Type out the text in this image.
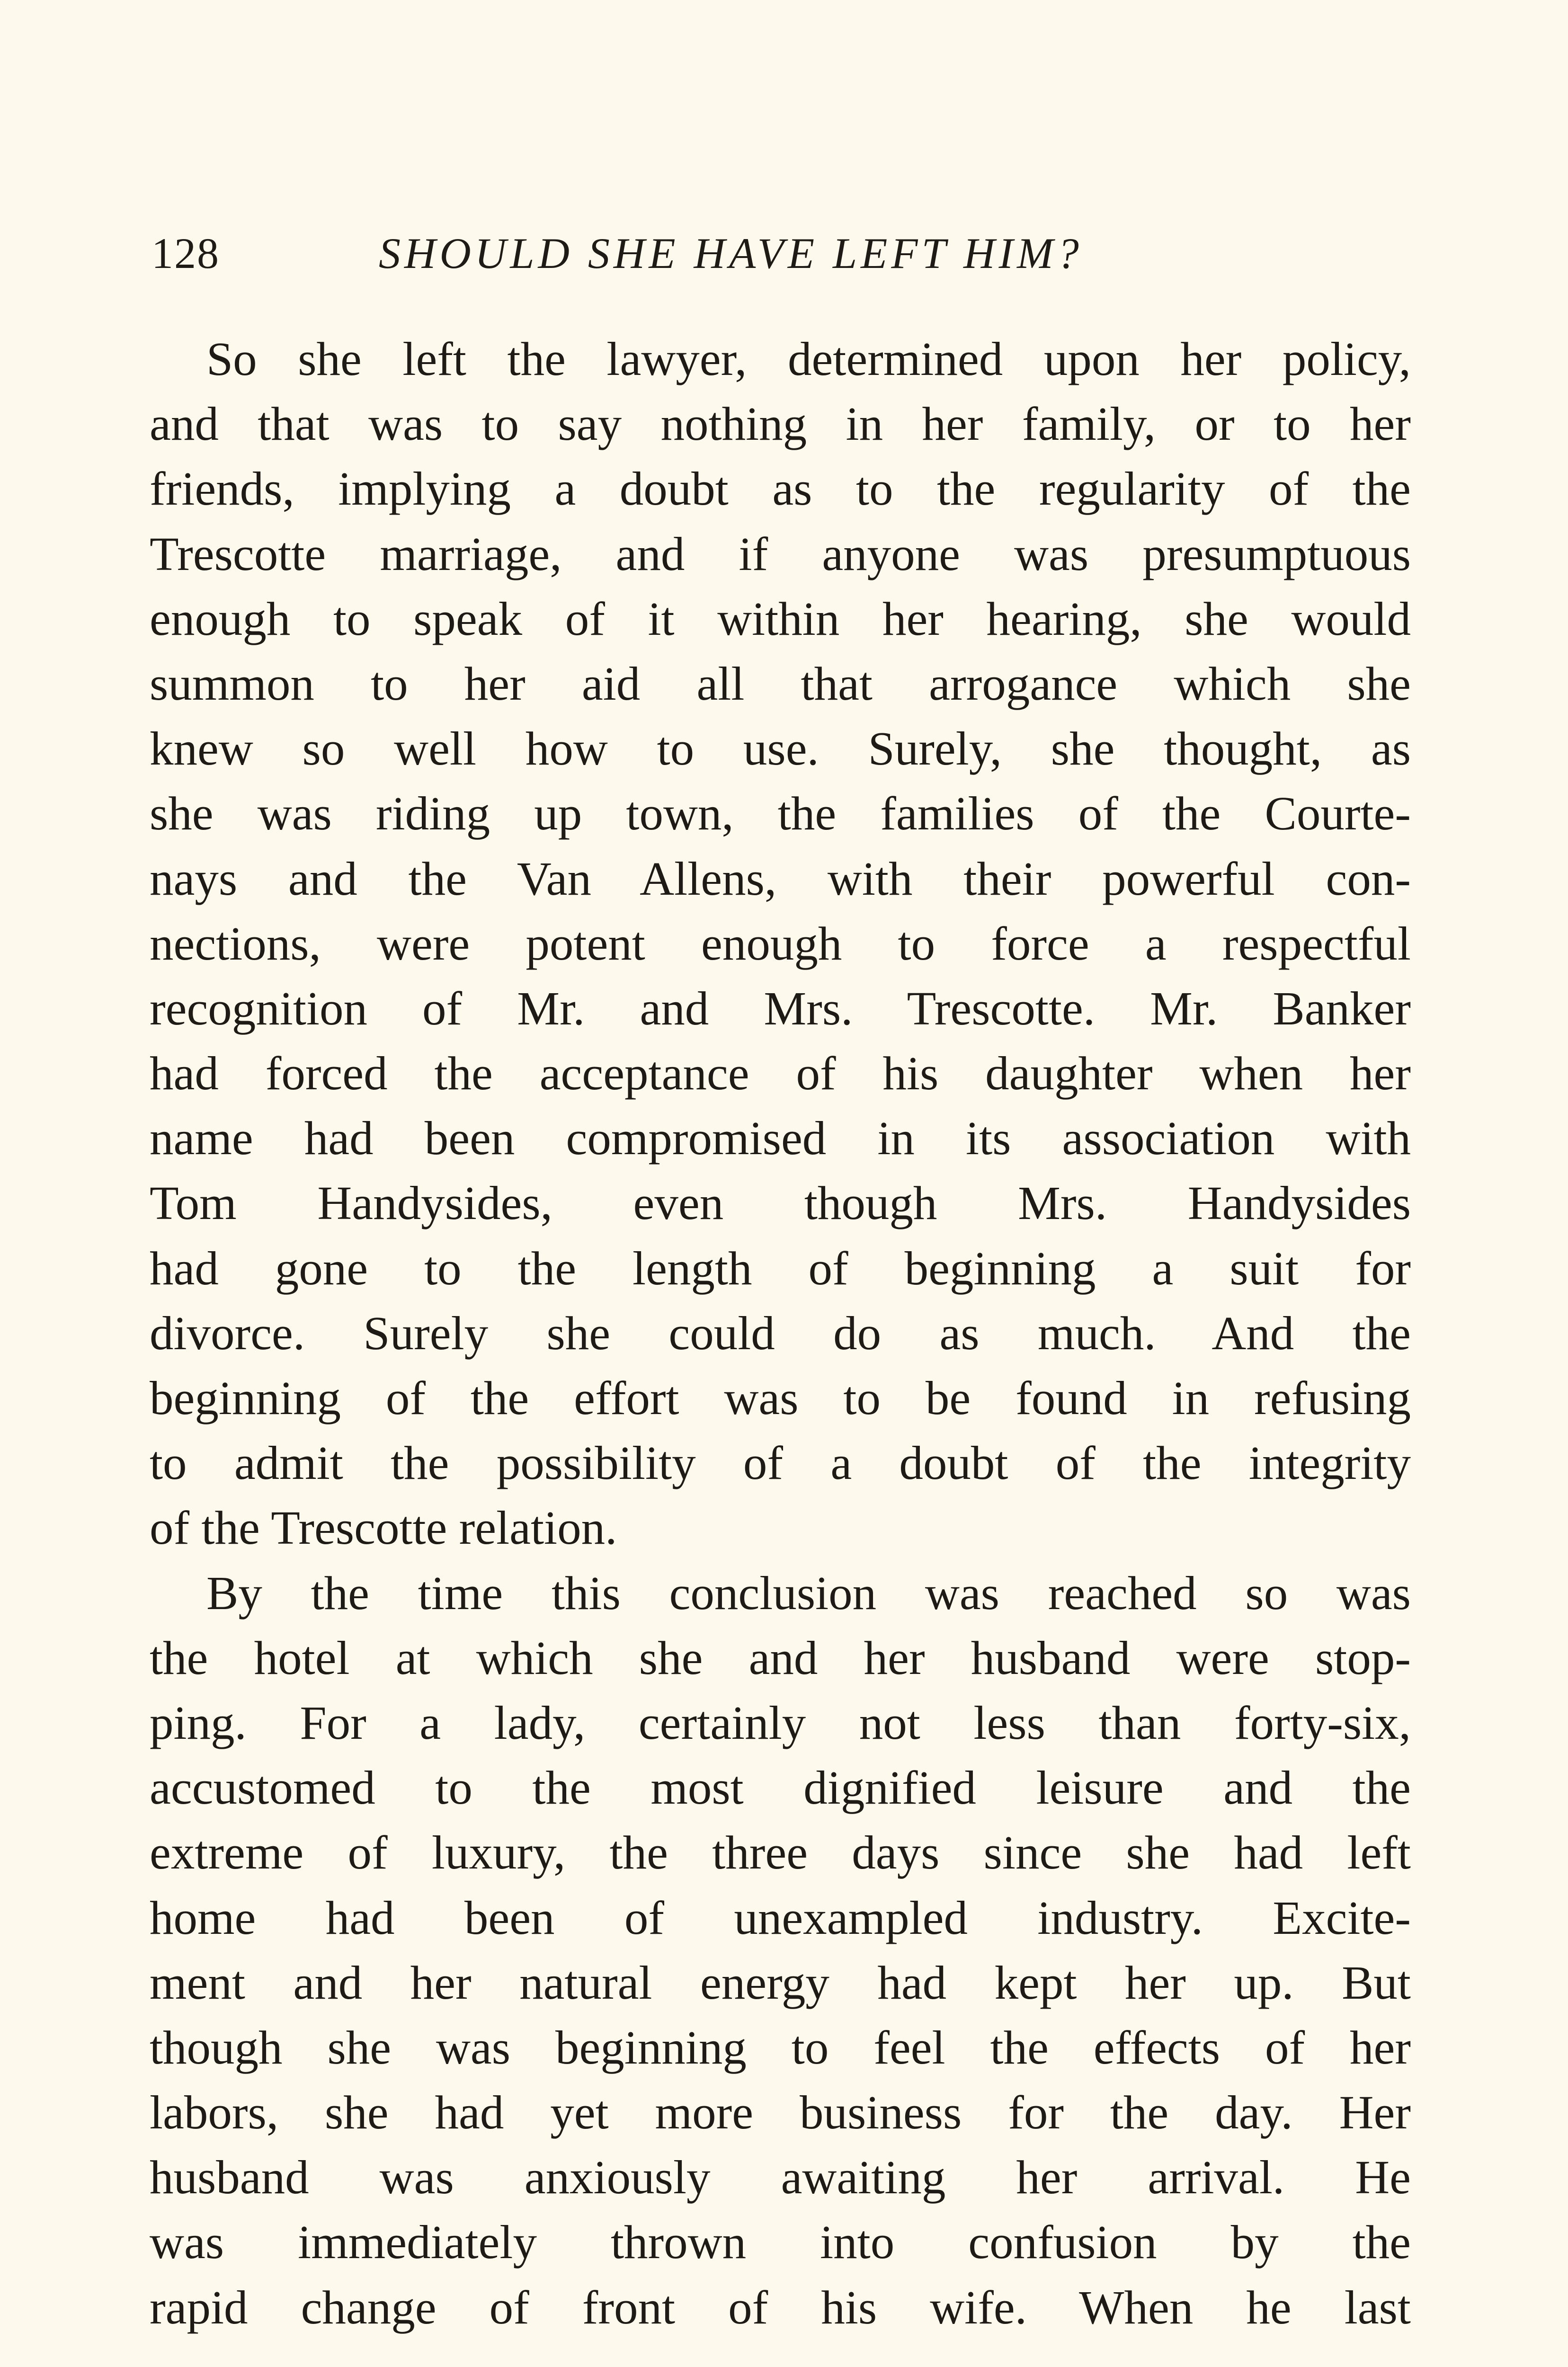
128	SHOULD SHE HAVE LEFT HIM?
So she left the lawyer, determined upon her policy,
and that was to say nothing in her family, or to her
friends, implying a doubt as to the regularity of the
Trescotte marriage, and if anyone was presumptuous
enough to speak of it within her hearing, she would
summon to her aid all that arrogance which she
knew so well how to use. Surely, she thought, as
she was riding up town, the families of the Courte-
nays and the Van Allens, with their powerful con-
nections, were potent enough to force a respectful
recognition of Mr. and Mrs. Trescotte. Mr. Banker
had forced the acceptance of his daughter when her
name had been compromised in its association with
Tom Handysides, even though Mrs. Handysides
had gone to the length of beginning a suit for
divorce. Surely she could do as much. And the
beginning of the effort was to be found in refusing
to admit the possibility of a doubt of the integrity
of the Trescotte relation.
By the time this conclusion was reached so was
the hotel at which she and her husband were stop-
ping. For a lady, certainly not less than forty-six,
accustomed to the most dignified leisure and the
extreme of luxury, the three days since she had left
home had been of unexampled industry. Excite-
ment and her natural energy had kept her up. But
though she was beginning to feel the effects of her
labors, she had yet more business for the day. Her
husband was anxiously awaiting her arrival. He
was immediately thrown into confusion by the
rapid change of front of his wife. When he last
